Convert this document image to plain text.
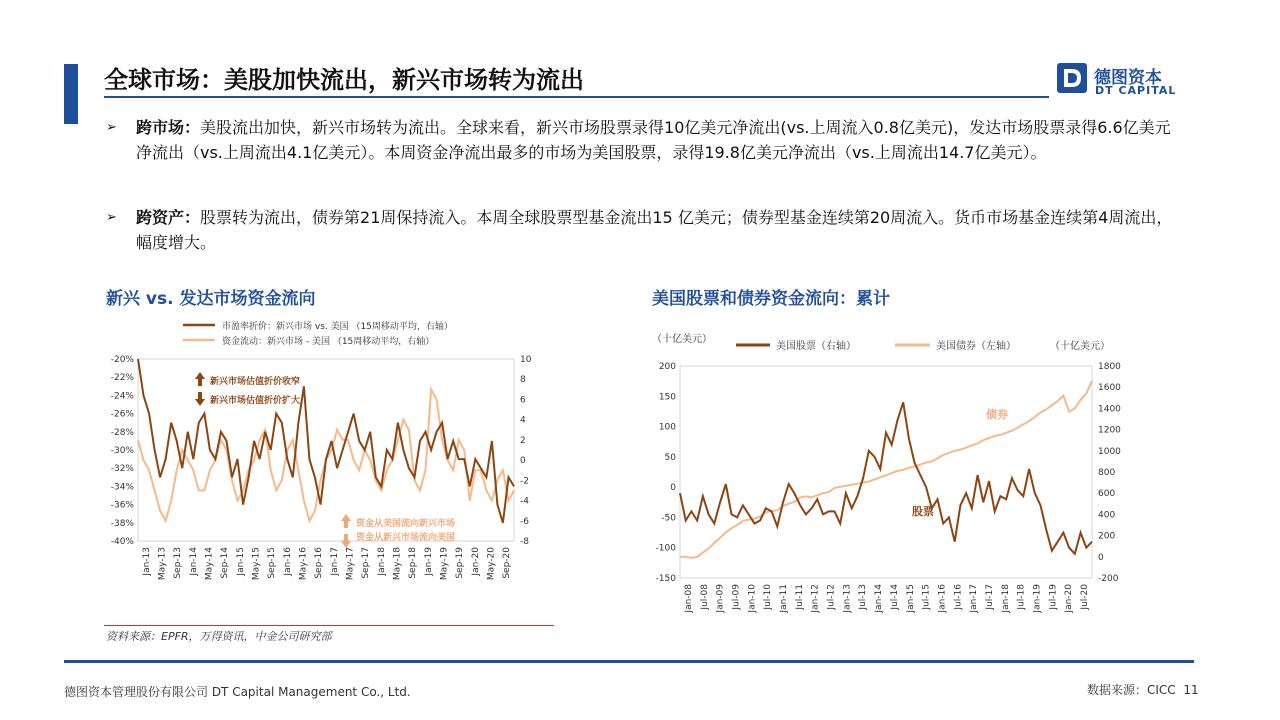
全球市场：美股加快流出，新兴市场转为流出	德图资本
DT CAPITAL
➢ 跨市场：美股流出加快，新兴市场转为流出。全球来看，新兴市场股票录得10亿美元净流出(vs.上周流入0.8亿美元)，发达市场股票录得6.6亿美元净流出（vs.上周流出4.1亿美元）。本周资金净流出最多的市场为美国股票，录得19.8亿美元净流出（vs.上周流出14.7亿美元）。
➢ 跨资产：股票转为流出，债券第21周保持流入。本周全球股票型基金流出15 亿美元；债券型基金连续第20周流入。货币市场基金连续第4周流出，幅度增大。
新兴 vs. 发达市场资金流向	美国股票和债券资金流向：累计
市盈率折价：新兴市场 vs. 美国 （15周移动平均，右轴）
资金流动：新兴市场 - 美国 （15周移动平均，右轴）
-20%
-22%
-24%
-26%
-28%
-30%
-32%
-34%
-36%
-38%
-40%
10
8
6
4
2
0
-2
-4
-6
-8
Jan-13 May-13 Sep-13 Jan-14 May-14 Sep-14 Jan-15 May-15 Sep-15 Jan-16 May-16 Sep-16 Jan-17 May-17 Sep-17 Jan-18 May-18 Sep-18 Jan-19 May-19 Sep-19 Jan-20 May-20 Sep-20
新兴市场估值折价收窄
新兴市场估值折价扩大
资金从美国流向新兴市场
资金从新兴市场流向美国
（十亿美元）
美国股票（右轴）	美国债券（左轴）	（十亿美元）
200
150
100
50
0
-50
-100
-150
1800
1600
1400
1200
1000
800
600
400
200
0
-200
Jan-08 Jul-08 Jan-09 Jul-09 Jan-10 Jul-10 Jan-11 Jul-11 Jan-12 Jul-12 Jan-13 Jul-13 Jan-14 Jul-14 Jan-15 Jul-15 Jan-16 Jul-16 Jan-17 Jul-17 Jan-18 Jul-18 Jan-19 Jul-19 Jan-20 Jul-20
债券
股票
资料来源：EPFR，万得资讯，中金公司研究部
德图资本管理股份有限公司 DT Capital Management Co., Ltd.	数据来源：CICC 11
